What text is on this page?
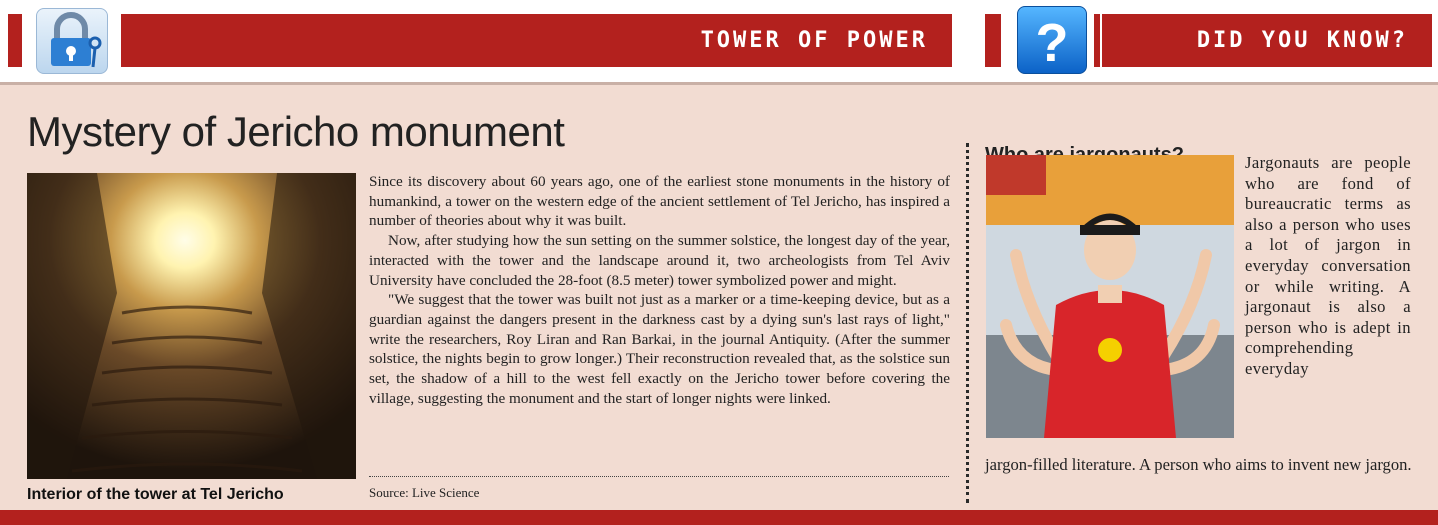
TOWER OF POWER	?	DID YOU KNOW?
Mystery of Jericho monument
Interior of the tower at Tel Jericho

Since its discovery about 60 years ago, one of the earliest stone monuments in the history of humankind, a tower on the western edge of the ancient settlement of Tel Jericho, has inspired a number of theories about why it was built.

Now, after studying how the sun setting on the summer solstice, the longest day of the year, interacted with the tower and the landscape around it, two archeologists from Tel Aviv University have concluded the 28-foot (8.5 meter) tower symbolized power and might.

"We suggest that the tower was built not just as a marker or a time-keeping device, but as a guardian against the dangers present in the darkness cast by a dying sun's last rays of light," write the researchers, Roy Liran and Ran Barkai, in the journal Antiquity. (After the summer solstice, the nights begin to grow longer.) Their reconstruction revealed that, as the solstice sun set, the shadow of a hill to the west fell exactly on the Jericho tower before covering the village, suggesting the monument and the start of longer nights were linked.

Source: Live Science
Jargonauts are people who are fond of bureaucratic terms as also a person who uses a lot of jargon in everyday conversation or while writing. A jargonaut is also a person who is adept in comprehending everyday
jargon-filled literature. A person who aims to invent new jargon.
